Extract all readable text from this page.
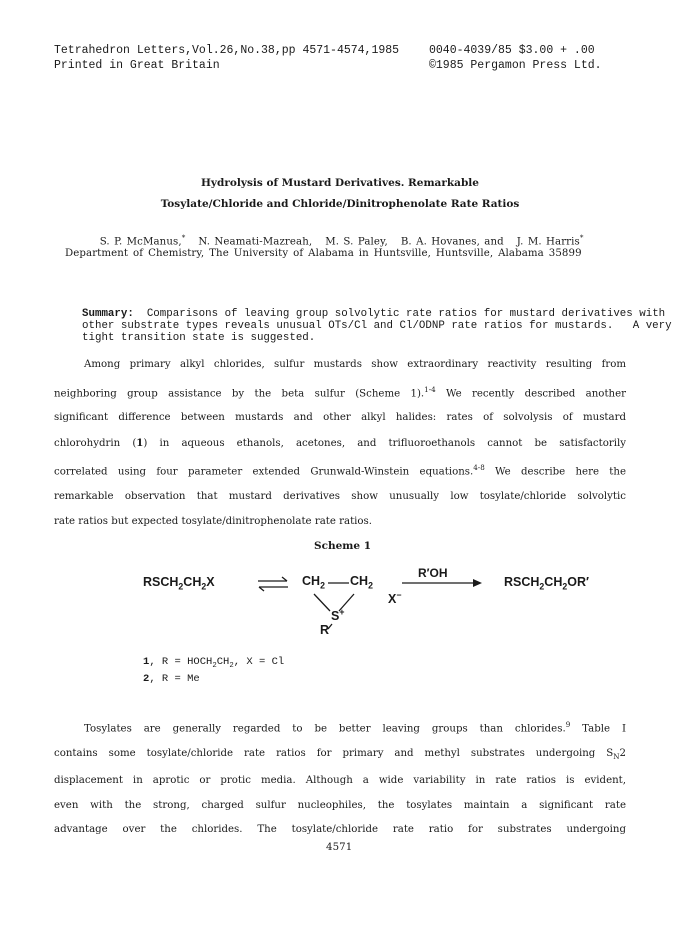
Tetrahedron Letters,Vol.26,No.38,pp 4571-4574,1985	0040-4039/85 $3.00 + .00
Printed in Great Britain	©1985 Pergamon Press Ltd.
Hydrolysis of Mustard Derivatives. Remarkable
Tosylate/Chloride and Chloride/Dinitrophenolate Rate Ratios

S. P. McManus,* N. Neamati-Mazreah, M. S. Paley, B. A. Hovanes, and J. M. Harris*

Department of Chemistry, The University of Alabama in Huntsville, Huntsville, Alabama 35899
Summary: Comparisons of leaving group solvolytic rate ratios for mustard derivatives with
other substrate types reveals unusual OTs/Cl and Cl/ODNP rate ratios for mustards.   A very
tight transition state is suggested.
Among primary alkyl chlorides, sulfur mustards show extraordinary reactivity resulting from
neighboring group assistance by the beta sulfur (Scheme 1).$^{1-4}$ We recently described another
significant difference between mustards and other alkyl halides: rates of solvolysis of mustard
chlorohydrin (1) in aqueous ethanols, acetones, and trifluoroethanols cannot be satisfactorily
correlated using four parameter extended Grunwald-Winstein equations.$^{4-8}$ We describe here the
remarkable observation that mustard derivatives show unusually low tosylate/chloride solvolytic
rate ratios but expected tosylate/dinitrophenolate rate ratios.
Scheme 1
$RSCH_2CH_2X$	⇌ $CH_2$ $CH_2$
S+
R
X−
R′OH
$RSCH_2CH_2OR'$
1, $R = HOCH_2CH_2$, X = Cl
2, R = Me
Tosylates are generally regarded to be better leaving groups than chlorides.$^9$ Table I
contains some tosylate/chloride rate ratios for primary and methyl substrates undergoing $S_N2$
displacement in aprotic or protic media. Although a wide variability in rate ratios is evident,
even with the strong, charged sulfur nucleophiles, the tosylates maintain a significant rate
advantage over the chlorides. The tosylate/chloride rate ratio for substrates undergoing
4571
